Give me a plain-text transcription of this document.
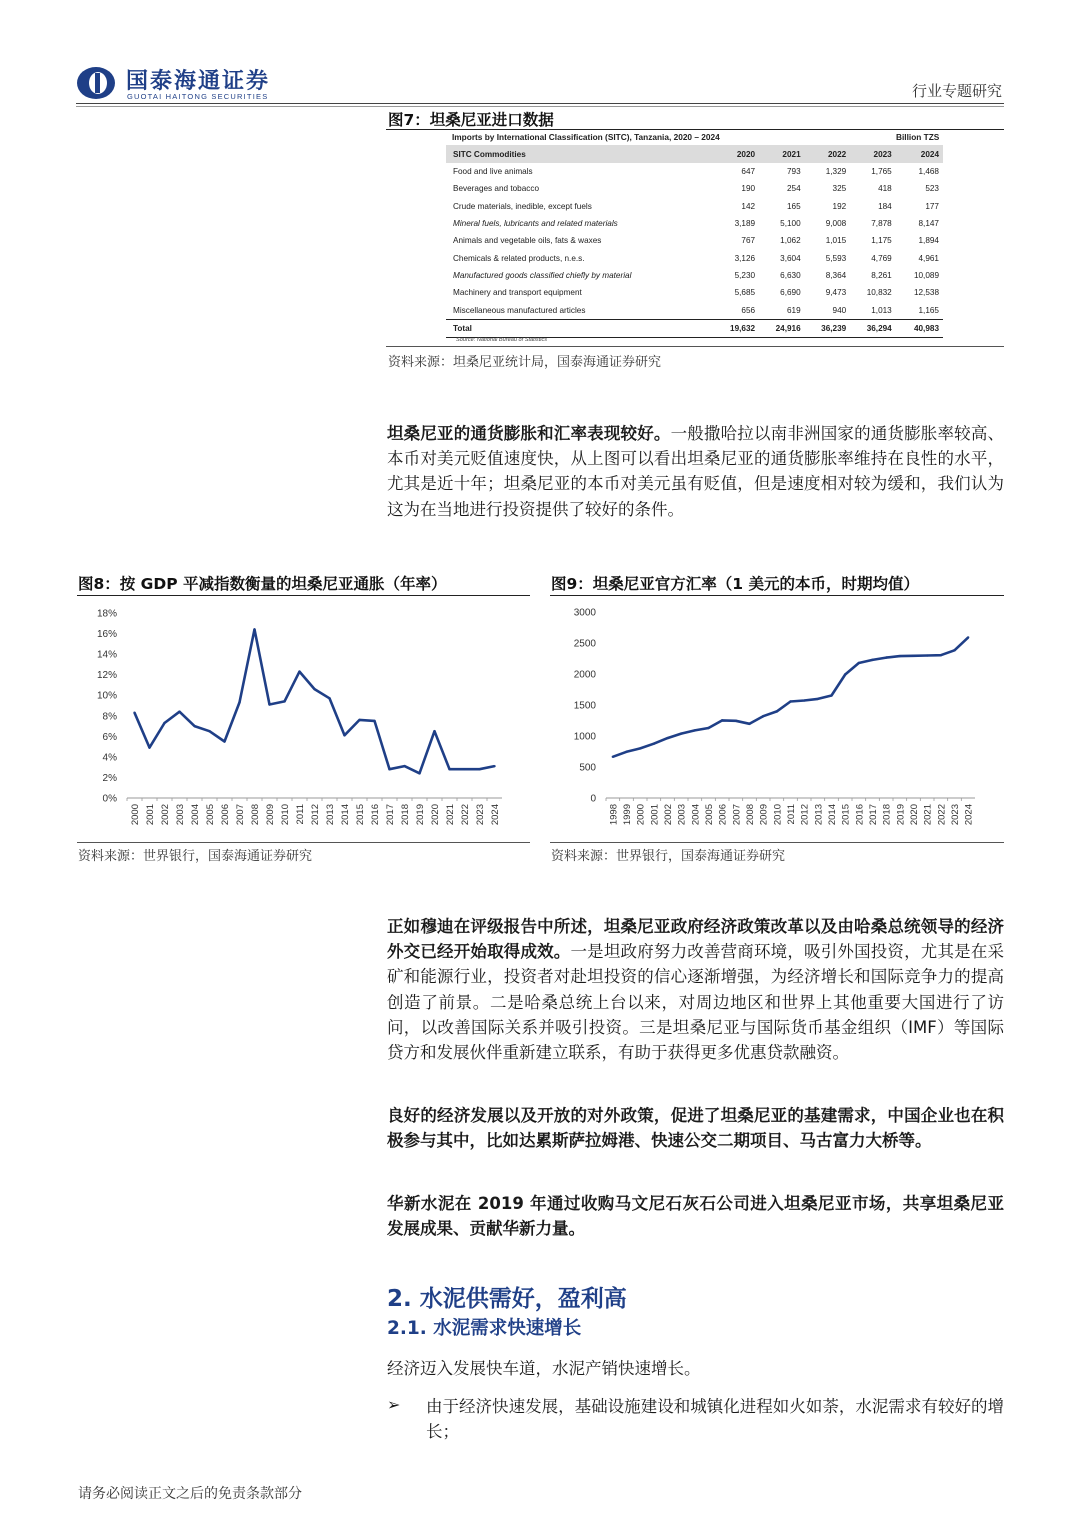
国泰海通证券
GUOTAI HAITONG SECURITIES	行业专题研究
图7：坦桑尼亚进口数据
Imports by International Classification (SITC), Tanzania, 2020 – 2024	Billion TZS
SITC Commodities	2020	2021	2022	2023	2024
Food and live animals	647	793	1,329	1,765	1,468
Beverages and tobacco	190	254	325	418	523
Crude materials, inedible, except fuels	142	165	192	184	177
Mineral fuels, lubricants and related materials	3,189	5,100	9,008	7,878	8,147
Animals and vegetable oils, fats & waxes	767	1,062	1,015	1,175	1,894
Chemicals & related products, n.e.s.	3,126	3,604	5,593	4,769	4,961
Manufactured goods classified chiefly by material	5,230	6,630	8,364	8,261	10,089
Machinery and transport equipment	5,685	6,690	9,473	10,832	12,538
Miscellaneous manufactured articles	656	619	940	1,013	1,165
Total	19,632	24,916	36,239	36,294	40,983
Source: National Bureau of Statistics
资料来源：坦桑尼亚统计局，国泰海通证券研究
坦桑尼亚的通货膨胀和汇率表现较好。一般撒哈拉以南非洲国家的通货膨胀率较高、本币对美元贬值速度快，从上图可以看出坦桑尼亚的通货膨胀率维持在良性的水平，尤其是近十年；坦桑尼亚的本币对美元虽有贬值，但是速度相对较为缓和，我们认为这为在当地进行投资提供了较好的条件。
图8：按 GDP 平减指数衡量的坦桑尼亚通胀（年率）
0%
2%
4%
6%
8%
10%
12%
14%
16%
18%
2000 2001 2002 2003 2004 2005 2006 2007 2008 2009 2010 2011 2012 2013 2014 2015 2016 2017 2018 2019 2020 2021 2022 2023 2024
资料来源：世界银行，国泰海通证券研究
图9：坦桑尼亚官方汇率（1 美元的本币，时期均值）
0
500
1000
1500
2000
2500
3000
1998 1999 2000 2001 2002 2003 2004 2005 2006 2007 2008 2009 2010 2011 2012 2013 2014 2015 2016 2017 2018 2019 2020 2021 2022 2023 2024
资料来源：世界银行，国泰海通证券研究
正如穆迪在评级报告中所述，坦桑尼亚政府经济政策改革以及由哈桑总统领导的经济外交已经开始取得成效。一是坦政府努力改善营商环境，吸引外国投资，尤其是在采矿和能源行业，投资者对赴坦投资的信心逐渐增强，为经济增长和国际竞争力的提高创造了前景。二是哈桑总统上台以来，对周边地区和世界上其他重要大国进行了访问，以改善国际关系并吸引投资。三是坦桑尼亚与国际货币基金组织（IMF）等国际贷方和发展伙伴重新建立联系，有助于获得更多优惠贷款融资。
良好的经济发展以及开放的对外政策，促进了坦桑尼亚的基建需求，中国企业也在积极参与其中，比如达累斯萨拉姆港、快速公交二期项目、马古富力大桥等。
华新水泥在 2019 年通过收购马文尼石灰石公司进入坦桑尼亚市场，共享坦桑尼亚发展成果、贡献华新力量。
2. 水泥供需好，盈利高
2.1. 水泥需求快速增长
经济迈入发展快车道，水泥产销快速增长。
➢ 由于经济快速发展，基础设施建设和城镇化进程如火如荼，水泥需求有较好的增长；
请务必阅读正文之后的免责条款部分
